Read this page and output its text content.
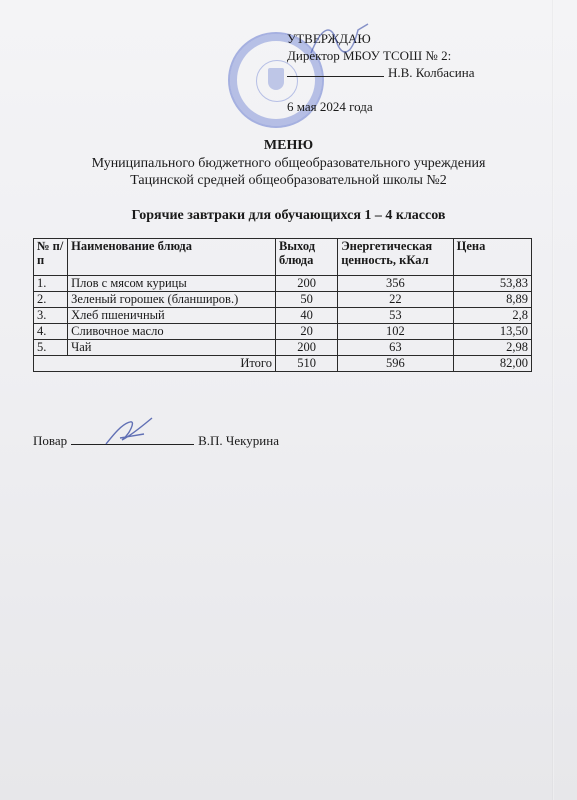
УТВЕРЖДАЮ
Директор МБОУ ТСОШ № 2:
Н.В. Колбасина
6 мая 2024 года
МЕНЮ
Муниципального бюджетного общеобразовательного учреждения
Тацинской средней общеобразовательной школы №2
Горячие завтраки для обучающихся 1 – 4 классов
№ п/п	Наименование блюда	Выход блюда	Энергетическая ценность, кКал	Цена
1.	Плов с мясом курицы	200	356	53,83
2.	Зеленый горошек (бланширов.)	50	22	8,89
3.	Хлеб пшеничный	40	53	2,8
4.	Сливочное масло	20	102	13,50
5.	Чай	200	63	2,98
Итого		510	596	82,00
Повар	В.П. Чекурина
